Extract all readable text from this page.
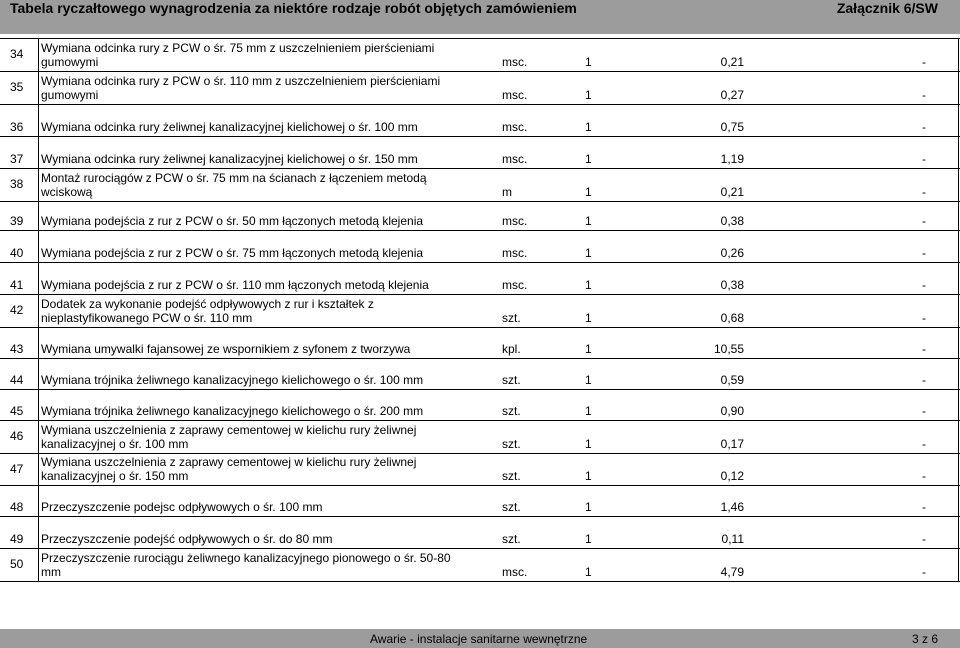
Tabela ryczałtowego wynagrodzenia za niektóre rodzaje robót objętych zamówieniem	Załącznik 6/SW
34 Wymiana odcinka rury z PCW o śr. 75 mm z uszczelnieniem pierścieniami
gumowymi	msc.	1	0,21	-
35 Wymiana odcinka rury z PCW o śr. 110 mm z uszczelnieniem pierścieniami
gumowymi	msc.	1	0,27	-
36 Wymiana odcinka rury żeliwnej kanalizacyjnej kielichowej o śr. 100 mm	msc.	1	0,75	-
37 Wymiana odcinka rury żeliwnej kanalizacyjnej kielichowej o śr. 150 mm	msc.	1	1,19	-
38 Montaż rurociągów z PCW o śr. 75 mm na ścianach z łączeniem metodą
wciskową	m	1	0,21	-
39 Wymiana podejścia z rur z PCW o śr. 50 mm łączonych metodą klejenia	msc.	1	0,38	-
40 Wymiana podejścia z rur z PCW o śr. 75 mm łączonych metodą klejenia	msc.	1	0,26	-
41 Wymiana podejścia z rur z PCW o śr. 110 mm łączonych metodą klejenia	msc.	1	0,38	-
42 Dodatek za wykonanie podejść odpływowych z rur i kształtek z
nieplastyfikowanego PCW o śr. 110 mm	szt.	1	0,68	-
43 Wymiana umywalki fajansowej ze wspornikiem z syfonem z tworzywa	kpl.	1	10,55	-
44 Wymiana trójnika żeliwnego kanalizacyjnego kielichowego o śr. 100 mm	szt.	1	0,59	-
45 Wymiana trójnika żeliwnego kanalizacyjnego kielichowego o śr. 200 mm	szt.	1	0,90	-
46 Wymiana uszczelnienia z zaprawy cementowej w kielichu rury żeliwnej
kanalizacyjnej o śr. 100 mm	szt.	1	0,17	-
47 Wymiana uszczelnienia z zaprawy cementowej w kielichu rury żeliwnej
kanalizacyjnej o śr. 150 mm	szt.	1	0,12	-
48 Przeczyszczenie podejsc odpływowych o śr. 100 mm	szt.	1	1,46	-
49 Przeczyszczenie podejść odpływowych o śr. do 80 mm	szt.	1	0,11	-
50 Przeczyszczenie rurociągu żeliwnego kanalizacyjnego pionowego o śr. 50-80
mm	msc.	1	4,79	-
Awarie - instalacje sanitarne wewnętrzne	3 z 6
